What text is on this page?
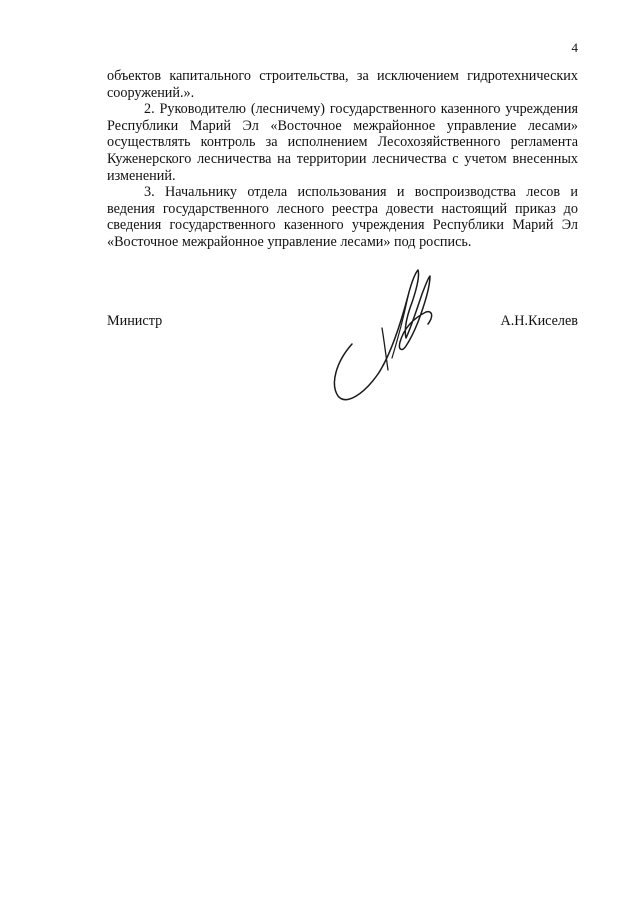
4

объектов капитального строительства, за исключением гидротехнических сооружений.».

2. Руководителю (лесничему) государственного казенного учреждения Республики Марий Эл «Восточное межрайонное управление лесами» осуществлять контроль за исполнением Лесохозяйственного регламента Куженерского лесничества на территории лесничества с учетом внесенных изменений.

3. Начальнику отдела использования и воспроизводства лесов и ведения государственного лесного реестра довести настоящий приказ до сведения государственного казенного учреждения Республики Марий Эл «Восточное межрайонное управление лесами» под роспись.

Министр	А.Н.Киселев
